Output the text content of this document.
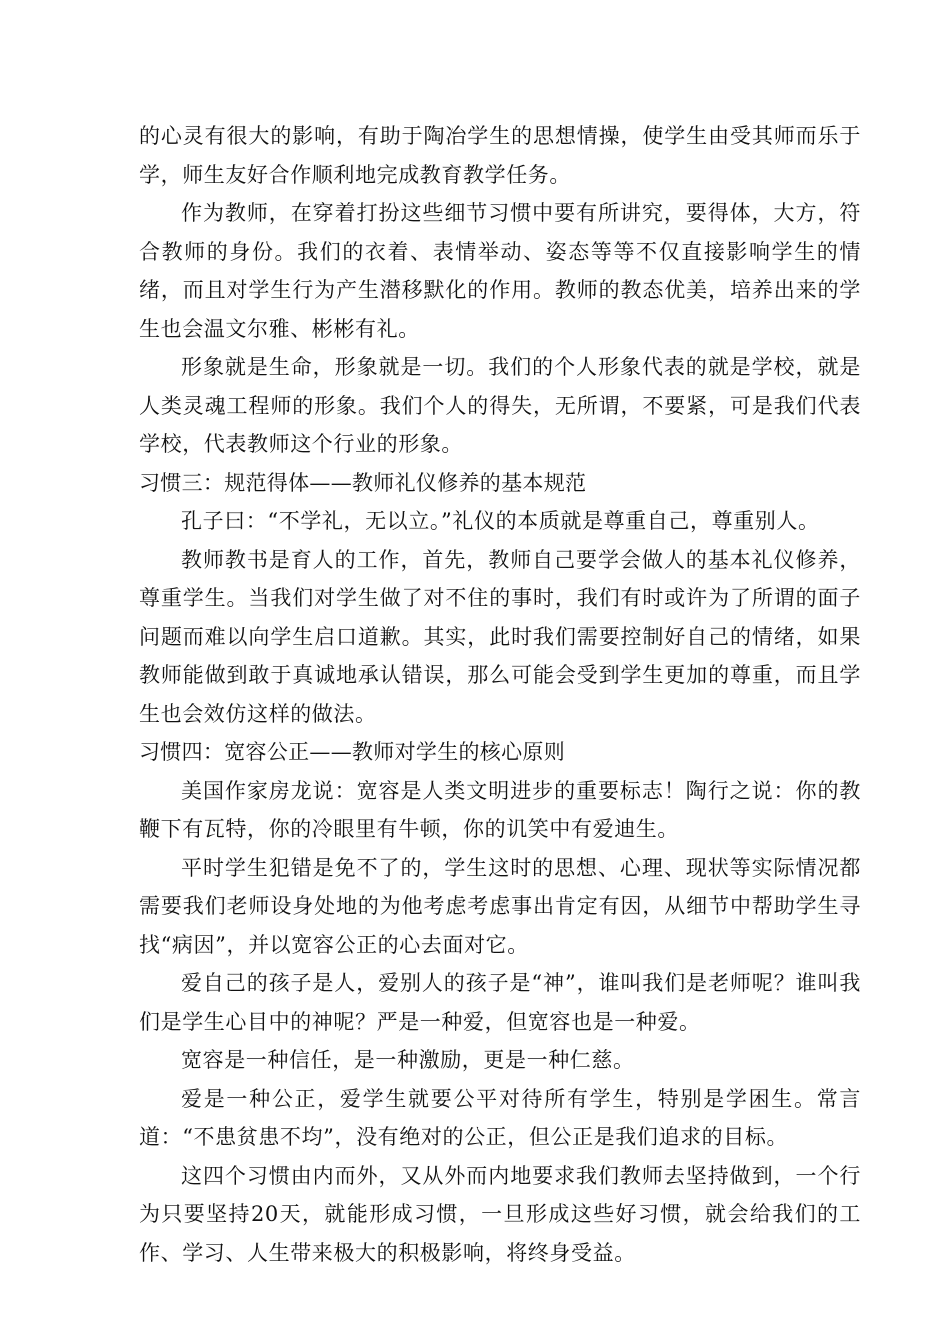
的心灵有很大的影响，有助于陶冶学生的思想情操，使学生由受其师而乐于学，师生友好合作顺利地完成教育教学任务。

作为教师，在穿着打扮这些细节习惯中要有所讲究，要得体，大方，符合教师的身份。我们的衣着、表情举动、姿态等等不仅直接影响学生的情绪，而且对学生行为产生潜移默化的作用。教师的教态优美，培养出来的学生也会温文尔雅、彬彬有礼。

形象就是生命，形象就是一切。我们的个人形象代表的就是学校，就是人类灵魂工程师的形象。我们个人的得失，无所谓，不要紧，可是我们代表学校，代表教师这个行业的形象。

习惯三：规范得体——教师礼仪修养的基本规范

孔子曰：“不学礼，无以立。”礼仪的本质就是尊重自己，尊重别人。

教师教书是育人的工作，首先，教师自己要学会做人的基本礼仪修养，尊重学生。当我们对学生做了对不住的事时，我们有时或许为了所谓的面子问题而难以向学生启口道歉。其实，此时我们需要控制好自己的情绪，如果教师能做到敢于真诚地承认错误，那么可能会受到学生更加的尊重，而且学生也会效仿这样的做法。

习惯四：宽容公正——教师对学生的核心原则

美国作家房龙说：宽容是人类文明进步的重要标志！陶行之说：你的教鞭下有瓦特，你的冷眼里有牛顿，你的讥笑中有爱迪生。

平时学生犯错是免不了的，学生这时的思想、心理、现状等实际情况都需要我们老师设身处地的为他考虑考虑事出肯定有因，从细节中帮助学生寻找“病因”，并以宽容公正的心去面对它。

爱自己的孩子是人，爱别人的孩子是“神”，谁叫我们是老师呢？谁叫我们是学生心目中的神呢？严是一种爱，但宽容也是一种爱。

宽容是一种信任，是一种激励，更是一种仁慈。

爱是一种公正，爱学生就要公平对待所有学生，特别是学困生。常言道：“不患贫患不均”，没有绝对的公正，但公正是我们追求的目标。

这四个习惯由内而外，又从外而内地要求我们教师去坚持做到，一个行为只要坚持20天，就能形成习惯，一旦形成这些好习惯，就会给我们的工作、学习、人生带来极大的积极影响，将终身受益。
